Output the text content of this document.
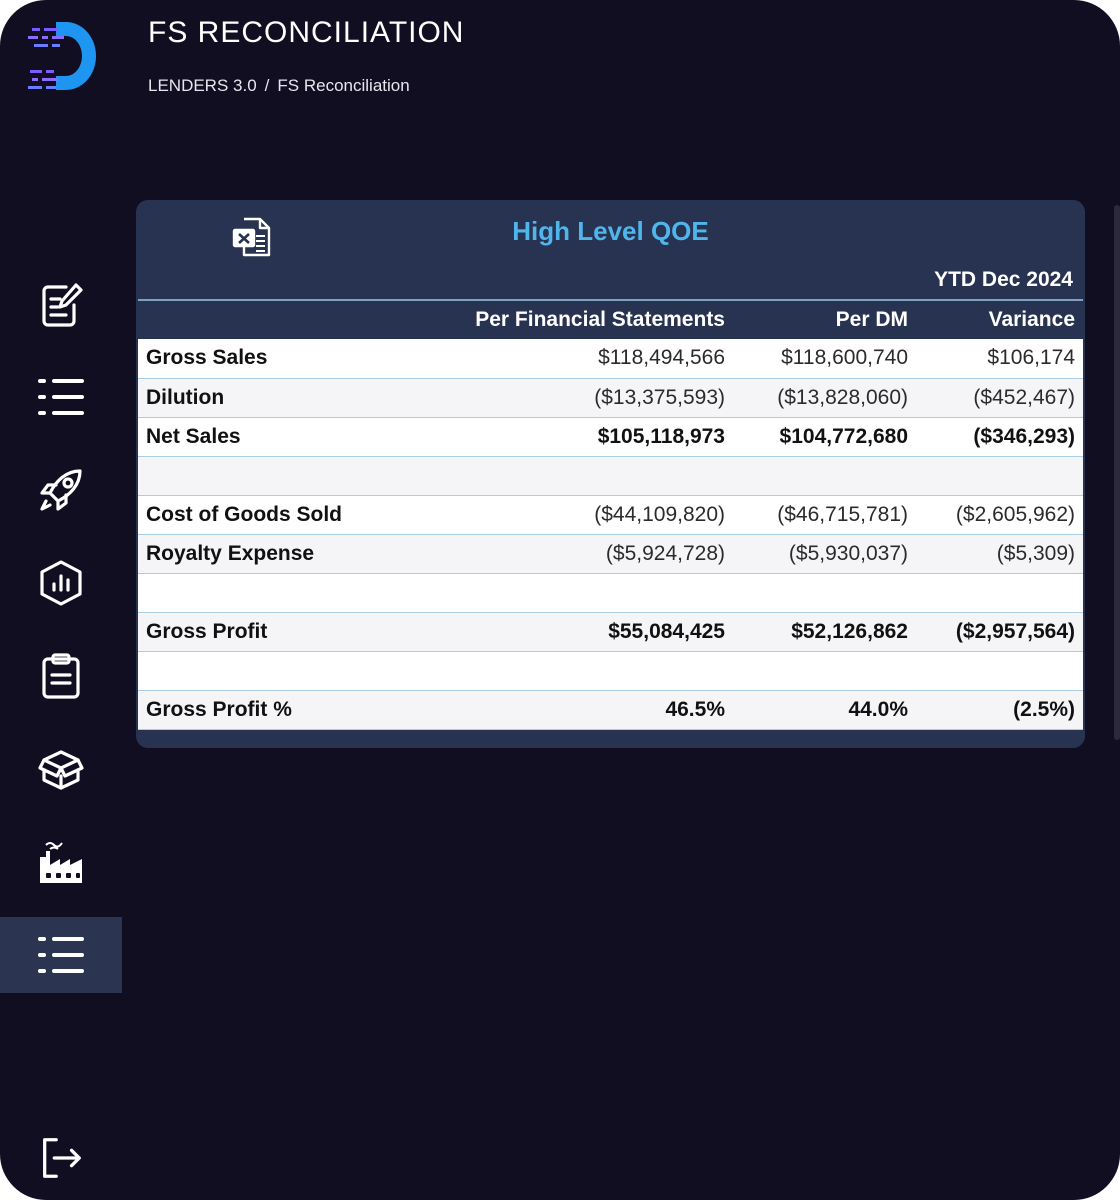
FS RECONCILIATION
LENDERS 3.0 / FS Reconciliation
High Level QOE
YTD Dec 2024
	Per Financial Statements	Per DM	Variance
Gross Sales	$118,494,566	$118,600,740	$106,174
Dilution	($13,375,593)	($13,828,060)	($452,467)
Net Sales	$105,118,973	$104,772,680	($346,293)

Cost of Goods Sold	($44,109,820)	($46,715,781)	($2,605,962)
Royalty Expense	($5,924,728)	($5,930,037)	($5,309)

Gross Profit	$55,084,425	$52,126,862	($2,957,564)

Gross Profit %	46.5%	44.0%	(2.5%)
